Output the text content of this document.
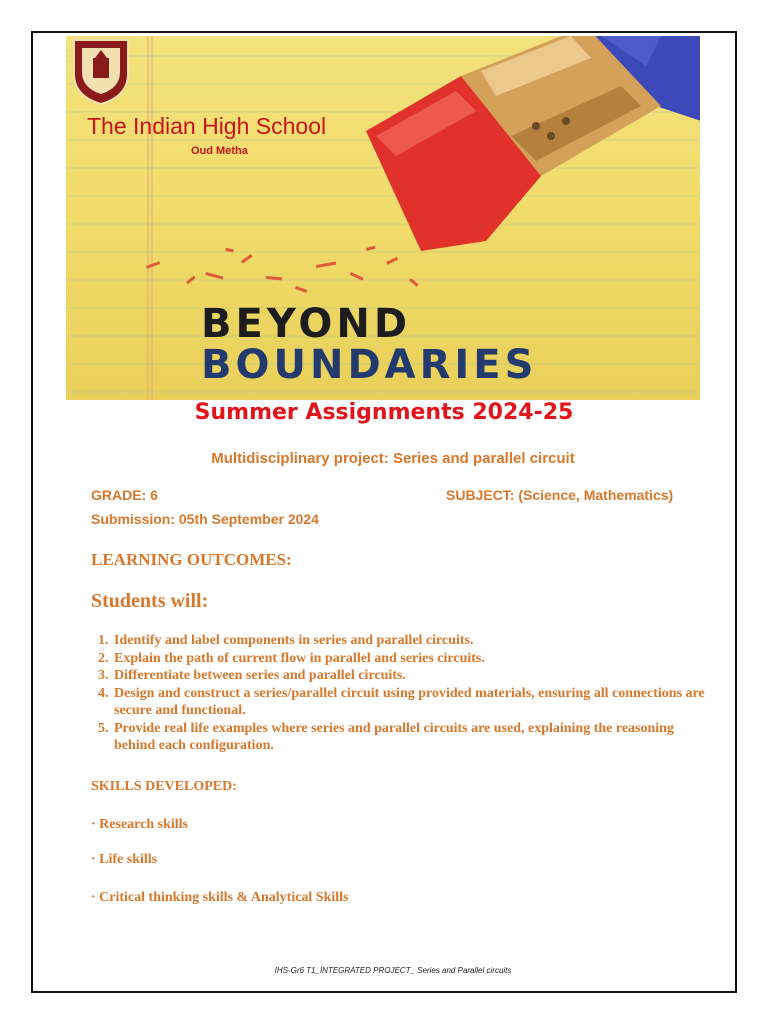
The Indian High School
Oud Metha
BEYOND
BOUNDARIES
Summer Assignments 2024-25
Multidisciplinary project: Series and parallel circuit
GRADE: 6	SUBJECT: (Science, Mathematics)
Submission: 05th September 2024
LEARNING OUTCOMES:
Students will:
1. Identify and label components in series and parallel circuits.
2. Explain the path of current flow in parallel and series circuits.
3. Differentiate between series and parallel circuits.
4. Design and construct a series/parallel circuit using provided materials, ensuring all connections are secure and functional.
5. Provide real life examples where series and parallel circuits are used, explaining the reasoning behind each configuration.
SKILLS DEVELOPED:
· Research skills
· Life skills
· Critical thinking skills & Analytical Skills
IHS-Gr6 T1_INTEGRATED PROJECT_ Series and Parallel circuits
